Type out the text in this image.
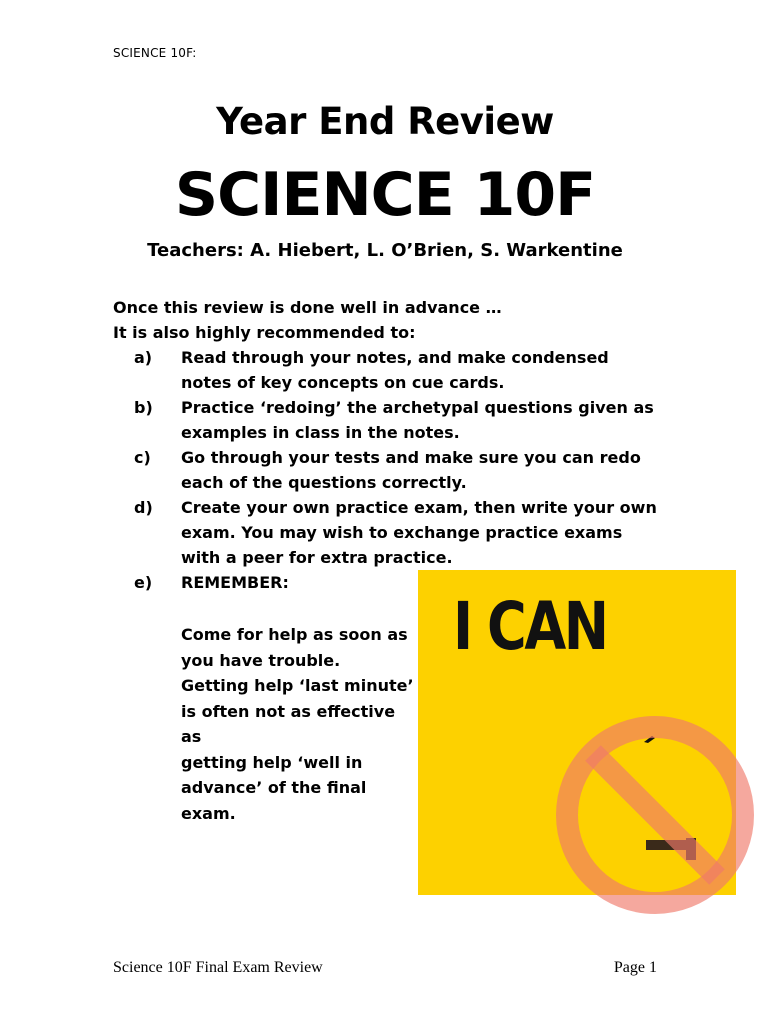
SCIENCE 10F:
Year End Review
SCIENCE 10F
Teachers: A. Hiebert, L. O’Brien, S. Warkentine
Once this review is done well in advance …
It is also highly recommended to:
a)	Read through your notes, and make condensed notes of key concepts on cue cards.
b)	Practice ‘redoing’ the archetypal questions given as examples in class in the notes.
c)	Go through your tests and make sure you can redo each of the questions correctly.
d)	Create your own practice exam, then write your own exam. You may wish to exchange practice exams with a peer for extra practice.
e)	REMEMBER:
Come for help as soon as
you have trouble.
Getting help ‘last minute’
is often not as effective as
getting help ‘well in
advance’ of the final exam.
I CAN
Science 10F Final Exam Review	Page 1
